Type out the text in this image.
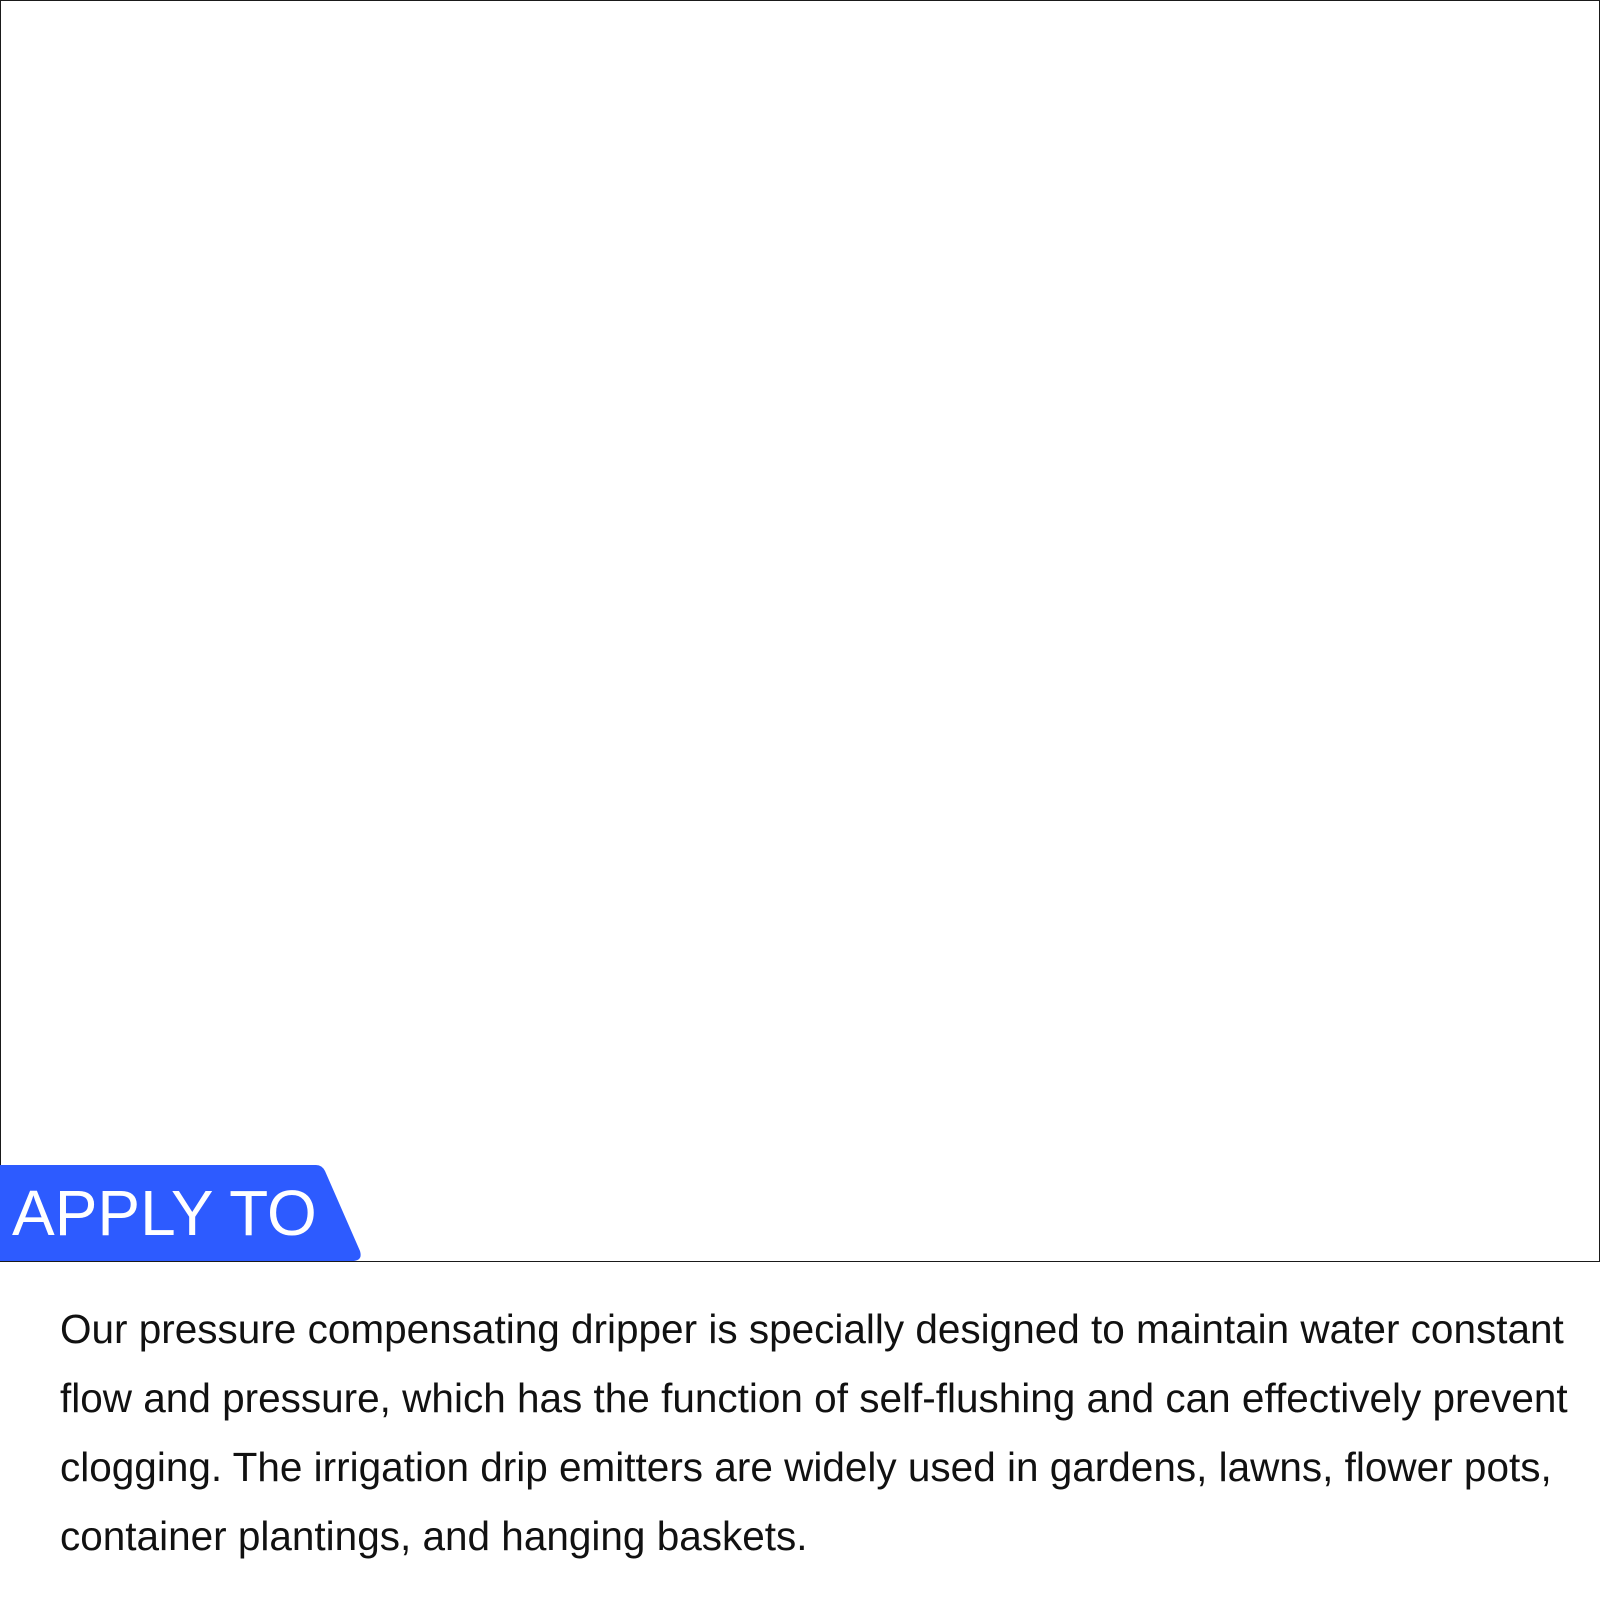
APPLY TO

Our pressure compensating dripper is specially designed to maintain water constant flow and pressure, which has the function of self-flushing and can effectively prevent clogging. The irrigation drip emitters are widely used in gardens, lawns, flower pots, container plantings, and hanging baskets.
